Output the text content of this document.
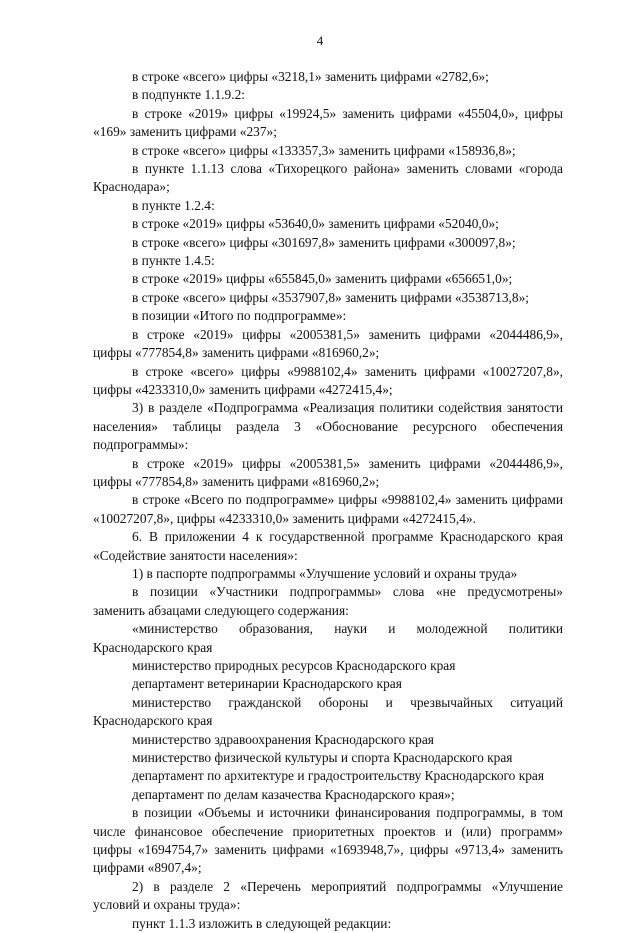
4

в строке «всего» цифры «3218,1» заменить цифрами «2782,6»;

в подпункте 1.1.9.2:

в строке «2019» цифры «19924,5» заменить цифрами «45504,0», цифры «169» заменить цифрами «237»;

в строке «всего» цифры «133357,3» заменить цифрами «158936,8»;

в пункте 1.1.13 слова «Тихорецкого района» заменить словами «города Краснодара»;

в пункте 1.2.4:

в строке «2019» цифры «53640,0» заменить цифрами «52040,0»;

в строке «всего» цифры «301697,8» заменить цифрами «300097,8»;

в пункте 1.4.5:

в строке «2019» цифры «655845,0» заменить цифрами «656651,0»;

в строке «всего» цифры «3537907,8» заменить цифрами «3538713,8»;

в позиции «Итого по подпрограмме»:

в строке «2019» цифры «2005381,5» заменить цифрами «2044486,9», цифры «777854,8» заменить цифрами «816960,2»;

в строке «всего» цифры «9988102,4» заменить цифрами «10027207,8», цифры «4233310,0» заменить цифрами «4272415,4»;

3) в разделе «Подпрограмма «Реализация политики содействия занятости населения» таблицы раздела 3 «Обоснование ресурсного обеспечения подпрограммы»:

в строке «2019» цифры «2005381,5» заменить цифрами «2044486,9», цифры «777854,8» заменить цифрами «816960,2»;

в строке «Всего по подпрограмме» цифры «9988102,4» заменить цифрами «10027207,8», цифры «4233310,0» заменить цифрами «4272415,4».

6. В приложении 4 к государственной программе Краснодарского края «Содействие занятости населения»:

1) в паспорте подпрограммы «Улучшение условий и охраны труда»

в позиции «Участники подпрограммы» слова «не предусмотрены» заменить абзацами следующего содержания:

«министерство образования, науки и молодежной политики Краснодарского края

министерство природных ресурсов Краснодарского края

департамент ветеринарии Краснодарского края

министерство гражданской обороны и чрезвычайных ситуаций Краснодарского края

министерство здравоохранения Краснодарского края

министерство физической культуры и спорта Краснодарского края

департамент по архитектуре и градостроительству Краснодарского края

департамент по делам казачества Краснодарского края»;

в позиции «Объемы и источники финансирования подпрограммы, в том числе финансовое обеспечение приоритетных проектов и (или) программ» цифры «1694754,7» заменить цифрами «1693948,7», цифры «9713,4» заменить цифрами «8907,4»;

2) в разделе 2 «Перечень мероприятий подпрограммы «Улучшение условий и охраны труда»:

пункт 1.1.3 изложить в следующей редакции:
